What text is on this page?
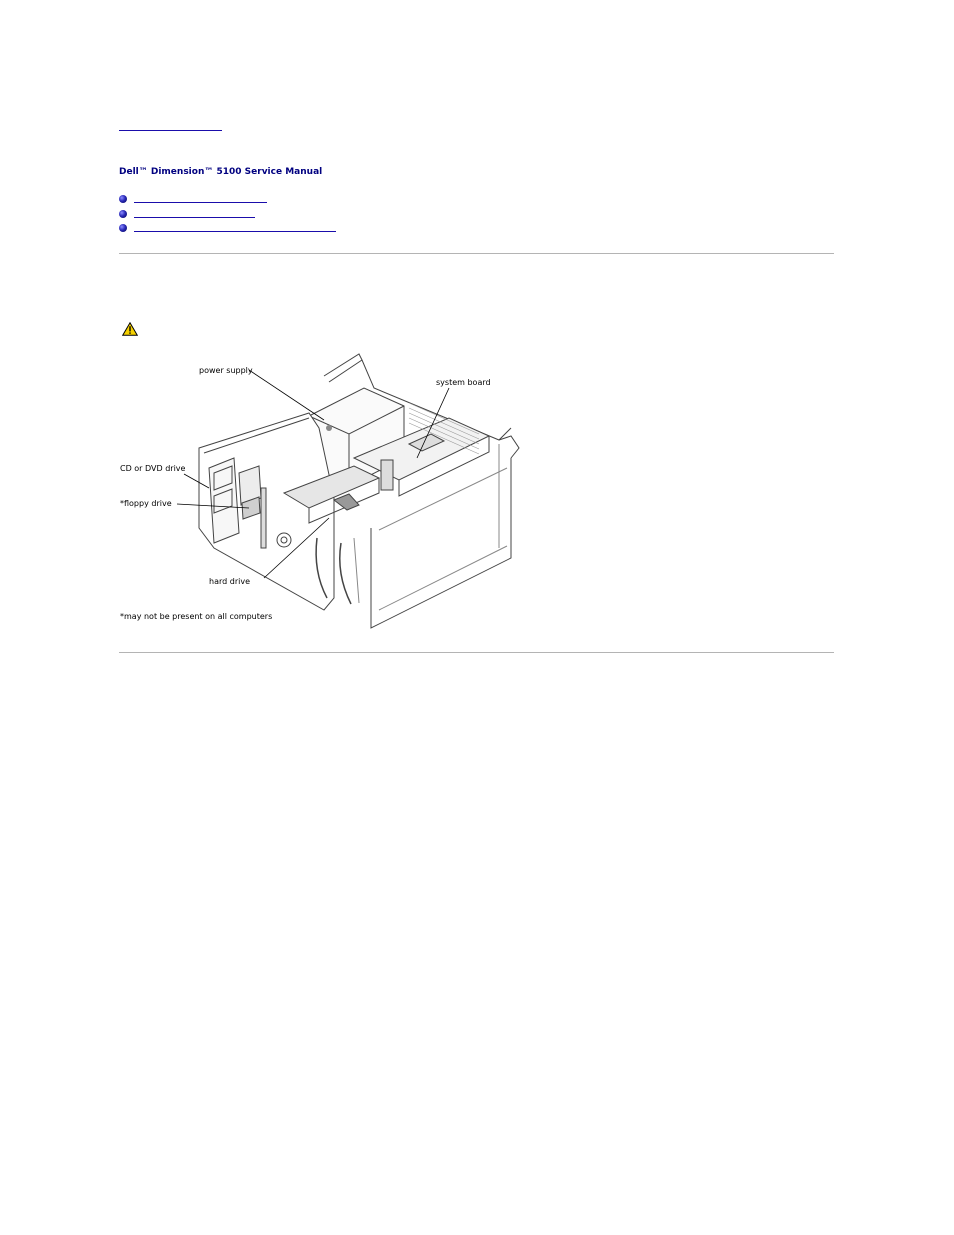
Dell™ Dimension™ 5100 Service Manual
power supply
system board
CD or DVD drive
*floppy drive
hard drive

*may not be present on all computers
